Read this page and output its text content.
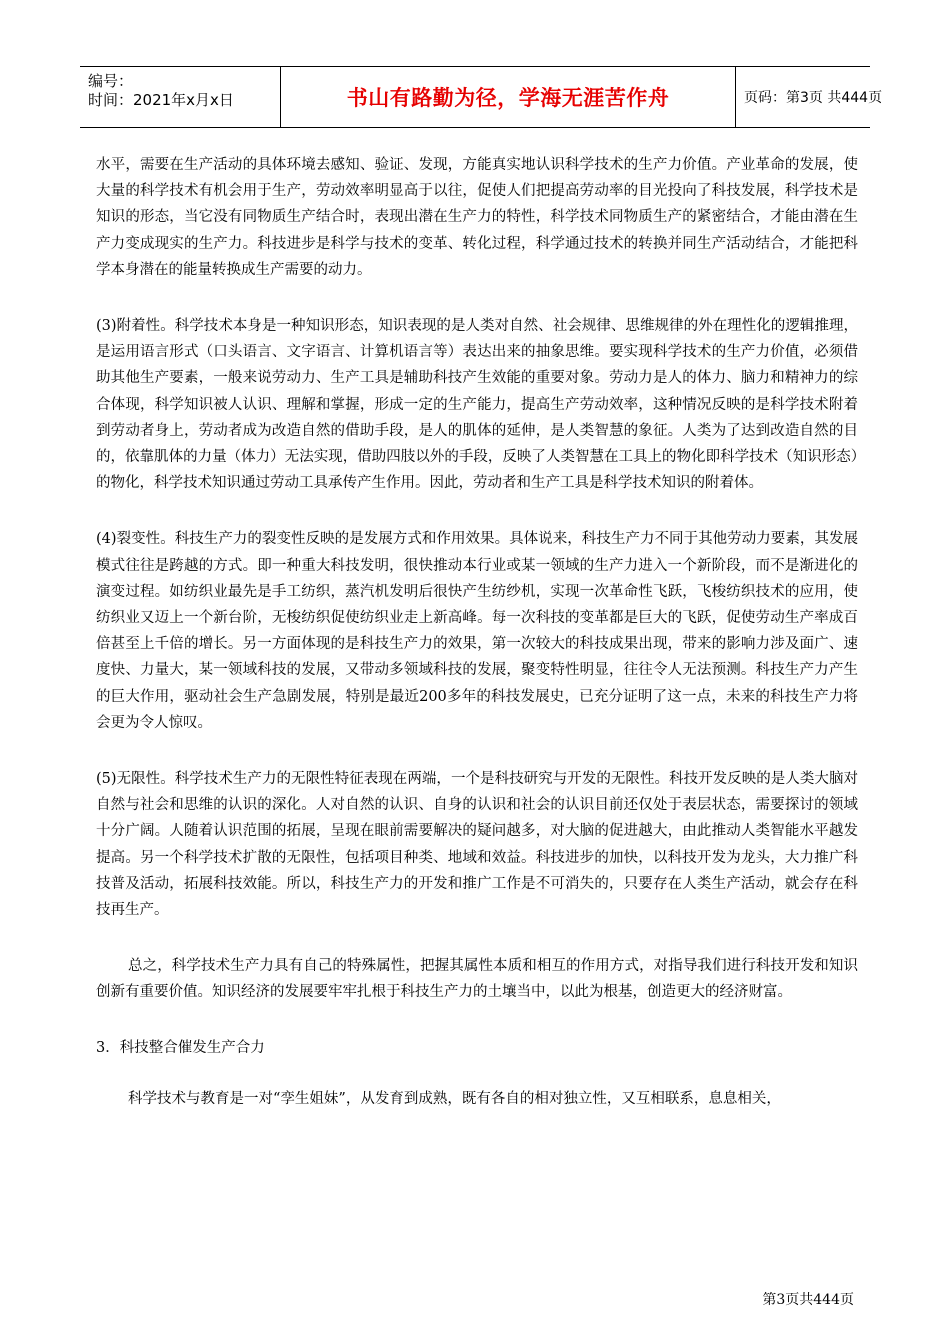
编号：
时间：2021年x月x日	书山有路勤为径，学海无涯苦作舟	页码：第3页 共444页

水平，需要在生产活动的具体环境去感知、验证、发现，方能真实地认识科学技术的生产力价值。产业革命的发展，使大量的科学技术有机会用于生产，劳动效率明显高于以往，促使人们把提高劳动率的目光投向了科技发展，科学技术是知识的形态，当它没有同物质生产结合时，表现出潜在生产力的特性，科学技术同物质生产的紧密结合，才能由潜在生产力变成现实的生产力。科技进步是科学与技术的变革、转化过程，科学通过技术的转换并同生产活动结合，才能把科学本身潜在的能量转换成生产需要的动力。

(3)附着性。科学技术本身是一种知识形态，知识表现的是人类对自然、社会规律、思维规律的外在理性化的逻辑推理，是运用语言形式（口头语言、文字语言、计算机语言等）表达出来的抽象思维。要实现科学技术的生产力价值，必须借助其他生产要素，一般来说劳动力、生产工具是辅助科技产生效能的重要对象。劳动力是人的体力、脑力和精神力的综合体现，科学知识被人认识、理解和掌握，形成一定的生产能力，提高生产劳动效率，这种情况反映的是科学技术附着到劳动者身上，劳动者成为改造自然的借助手段，是人的肌体的延伸，是人类智慧的象征。人类为了达到改造自然的目的，依靠肌体的力量（体力）无法实现，借助四肢以外的手段，反映了人类智慧在工具上的物化即科学技术（知识形态）的物化，科学技术知识通过劳动工具承传产生作用。因此，劳动者和生产工具是科学技术知识的附着体。

(4)裂变性。科技生产力的裂变性反映的是发展方式和作用效果。具体说来，科技生产力不同于其他劳动力要素，其发展模式往往是跨越的方式。即一种重大科技发明，很快推动本行业或某一领域的生产力进入一个新阶段，而不是渐进化的演变过程。如纺织业最先是手工纺织，蒸汽机发明后很快产生纺纱机，实现一次革命性飞跃，飞梭纺织技术的应用，使纺织业又迈上一个新台阶，无梭纺织促使纺织业走上新高峰。每一次科技的变革都是巨大的飞跃，促使劳动生产率成百倍甚至上千倍的增长。另一方面体现的是科技生产力的效果，第一次较大的科技成果出现，带来的影响力涉及面广、速度快、力量大，某一领域科技的发展，又带动多领域科技的发展，聚变特性明显，往往令人无法预测。科技生产力产生的巨大作用，驱动社会生产急剧发展，特别是最近200多年的科技发展史，已充分证明了这一点，未来的科技生产力将会更为令人惊叹。

(5)无限性。科学技术生产力的无限性特征表现在两端，一个是科技研究与开发的无限性。科技开发反映的是人类大脑对自然与社会和思维的认识的深化。人对自然的认识、自身的认识和社会的认识目前还仅处于表层状态，需要探讨的领域十分广阔。人随着认识范围的拓展，呈现在眼前需要解决的疑问越多，对大脑的促进越大，由此推动人类智能水平越发提高。另一个科学技术扩散的无限性，包括项目种类、地域和效益。科技进步的加快，以科技开发为龙头，大力推广科技普及活动，拓展科技效能。所以，科技生产力的开发和推广工作是不可消失的，只要存在人类生产活动，就会存在科技再生产。

总之，科学技术生产力具有自己的特殊属性，把握其属性本质和相互的作用方式，对指导我们进行科技开发和知识创新有重要价值。知识经济的发展要牢牢扎根于科技生产力的土壤当中，以此为根基，创造更大的经济财富。

3．科技整合催发生产合力

科学技术与教育是一对“孪生姐妹”，从发育到成熟，既有各自的相对独立性，又互相联系，息息相关，

第3页共444页
